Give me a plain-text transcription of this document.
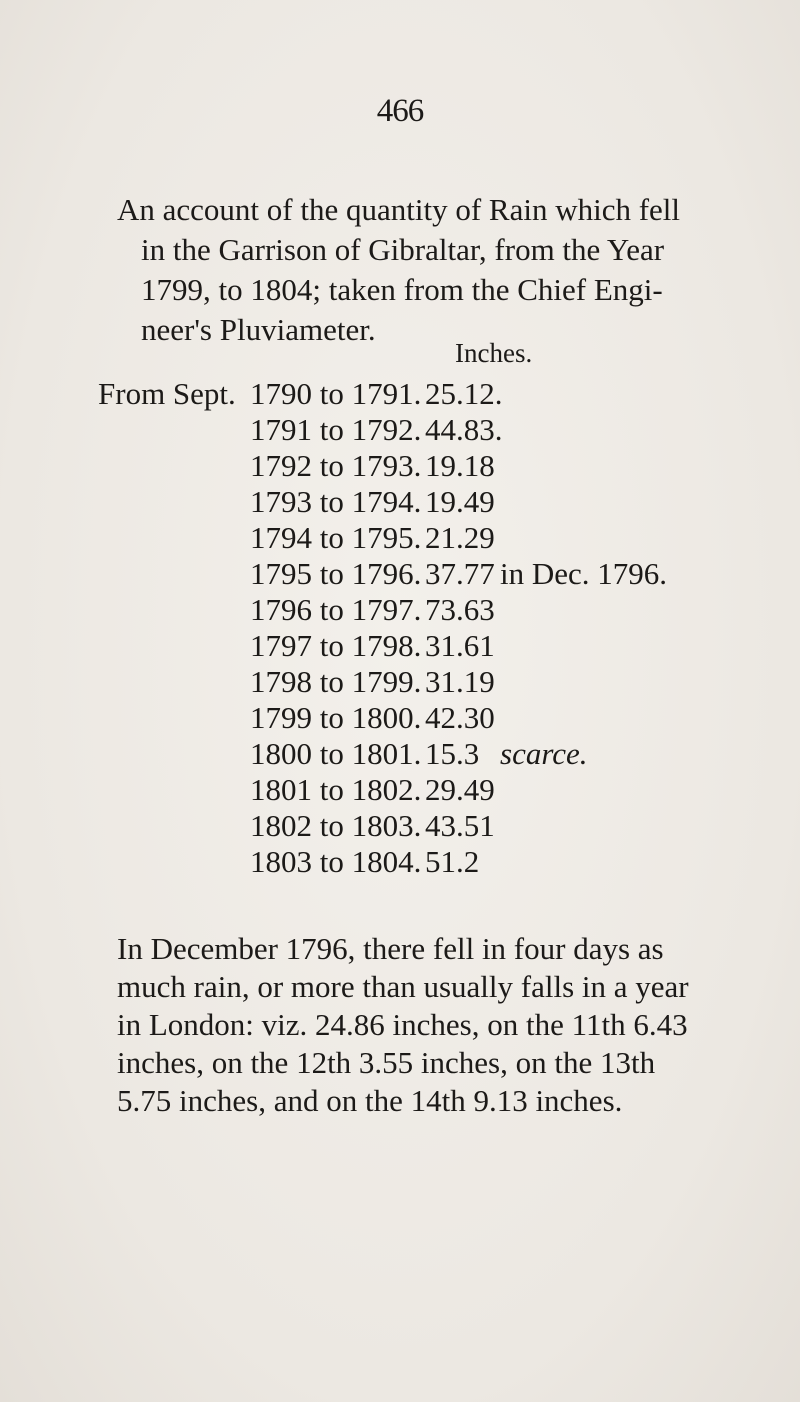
466
An account of the quantity of Rain which fell
in the Garrison of Gibraltar, from the Year
1799, to 1804; taken from the Chief Engi-
neer's Pluviameter.
Inches.
From Sept. 1790 to 1791. 25.12.
1791 to 1792. 44.83.
1792 to 1793. 19.18
1793 to 1794. 19.49
1794 to 1795. 21.29
1795 to 1796. 37.77 in Dec. 1796.
1796 to 1797. 73.63
1797 to 1798. 31.61
1798 to 1799. 31.19
1799 to 1800. 42.30
1800 to 1801. 15.3 scarce.
1801 to 1802. 29.49
1802 to 1803. 43.51
1803 to 1804. 51.2
In December 1796, there fell in four days as
much rain, or more than usually falls in a year
in London: viz. 24.86 inches, on the 11th 6.43
inches, on the 12th 3.55 inches, on the 13th
5.75 inches, and on the 14th 9.13 inches.
